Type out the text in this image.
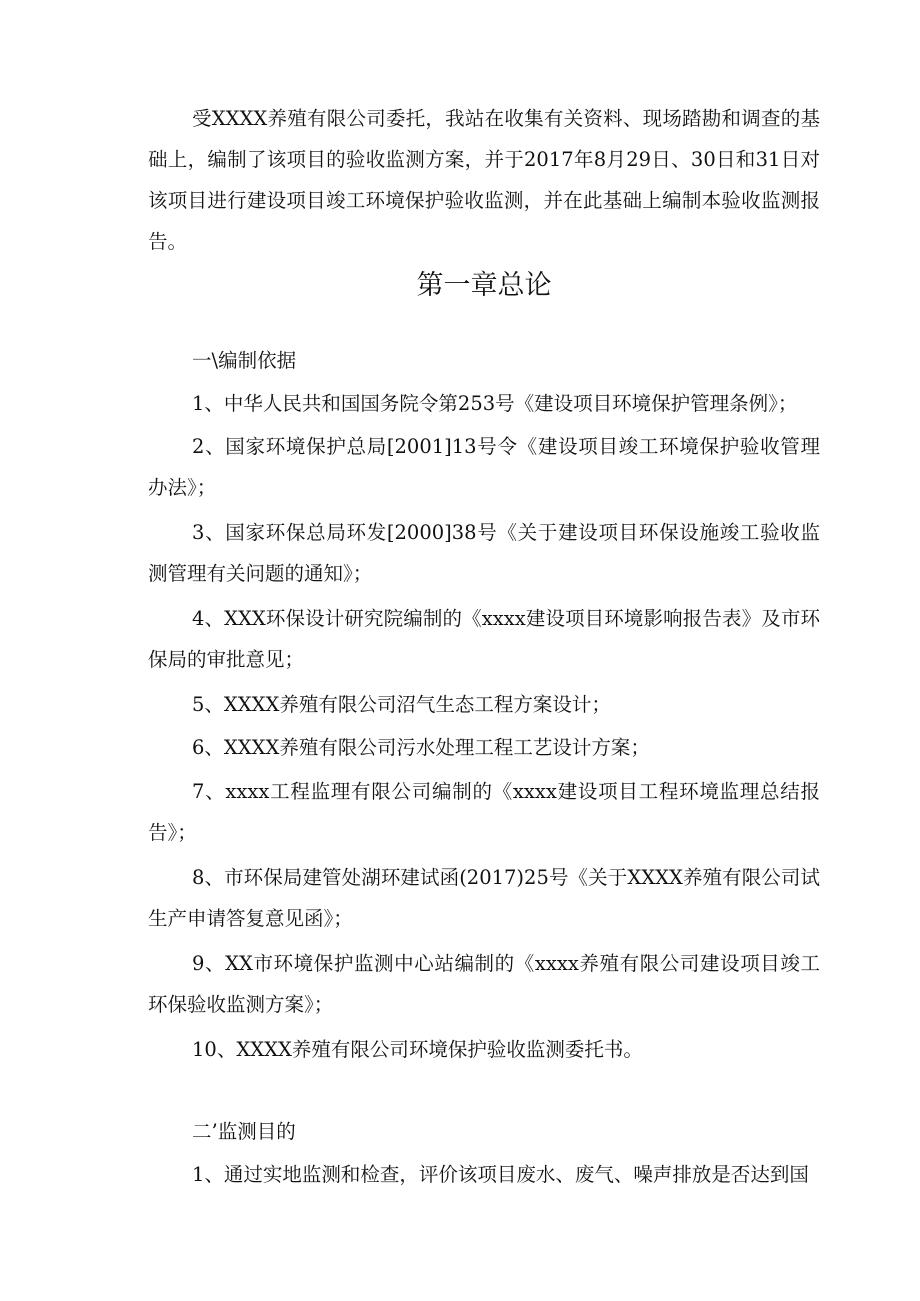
受XXXX养殖有限公司委托，我站在收集有关资料、现场踏勘和调查的基础上，编制了该项目的验收监测方案，并于2017年8月29日、30日和31日对该项目进行建设项目竣工环境保护验收监测，并在此基础上编制本验收监测报告。
第一章总论
一\编制依据
1、中华人民共和国国务院令第253号《建设项目环境保护管理条例》；
2、国家环境保护总局[2001]13号令《建设项目竣工环境保护验收管理办法》；
3、国家环保总局环发[2000]38号《关于建设项目环保设施竣工验收监测管理有关问题的通知》；
4、XXX环保设计研究院编制的《xxxx建设项目环境影响报告表》及市环保局的审批意见；
5、XXXX养殖有限公司沼气生态工程方案设计；
6、XXXX养殖有限公司污水处理工程工艺设计方案；
7、xxxx工程监理有限公司编制的《xxxx建设项目工程环境监理总结报告》；
8、市环保局建管处湖环建试函(2017)25号《关于XXXX养殖有限公司试生产申请答复意见函》；
9、XX市环境保护监测中心站编制的《xxxx养殖有限公司建设项目竣工环保验收监测方案》；
10、XXXX养殖有限公司环境保护验收监测委托书。
二’监测目的
1、通过实地监测和检查，评价该项目废水、废气、噪声排放是否达到国
